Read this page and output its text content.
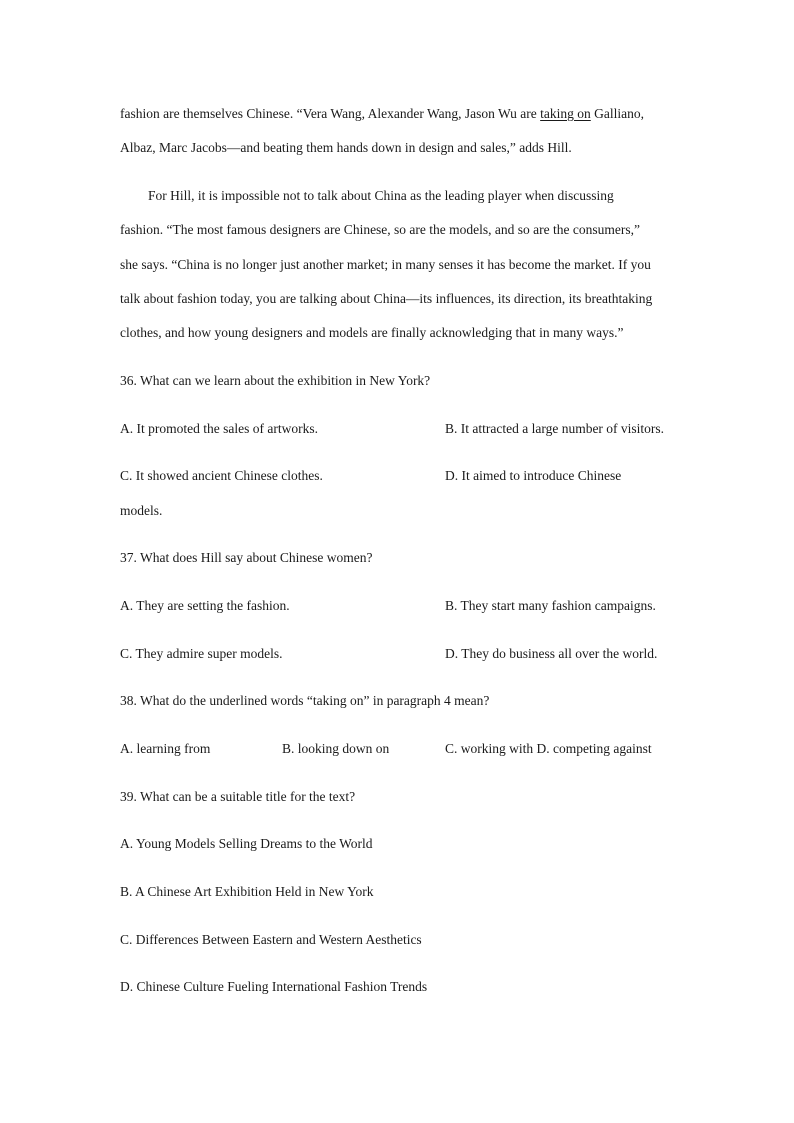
fashion are themselves Chinese. “Vera Wang, Alexander Wang, Jason Wu are taking on Galliano,
Albaz, Marc Jacobs—and beating them hands down in design and sales,” adds Hill.
For Hill, it is impossible not to talk about China as the leading player when discussing
fashion. “The most famous designers are Chinese, so are the models, and so are the consumers,”
she says. “China is no longer just another market; in many senses it has become the market. If you
talk about fashion today, you are talking about China—its influences, its direction, its breathtaking
clothes, and how young designers and models are finally acknowledging that in many ways.”
36. What can we learn about the exhibition in New York?
A. It promoted the sales of artworks.	B. It attracted a large number of visitors.
C. It showed ancient Chinese clothes.	D. It aimed to introduce Chinese
models.
37. What does Hill say about Chinese women?
A. They are setting the fashion.	B. They start many fashion campaigns.
C. They admire super models.	D. They do business all over the world.
38. What do the underlined words “taking on” in paragraph 4 mean?
A. learning from	B. looking down on	C. working with D. competing against
39. What can be a suitable title for the text?
A. Young Models Selling Dreams to the World
B. A Chinese Art Exhibition Held in New York
C. Differences Between Eastern and Western Aesthetics
D. Chinese Culture Fueling International Fashion Trends
